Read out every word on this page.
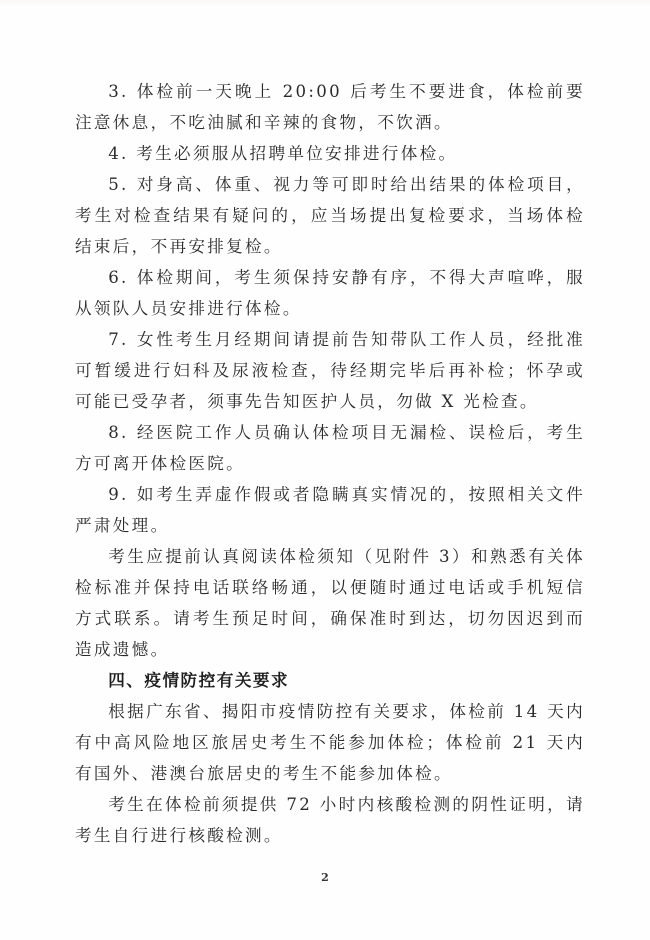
3. 体检前一天晚上 20:00 后考生不要进食，体检前要注意休息，不吃油腻和辛辣的食物，不饮酒。

4. 考生必须服从招聘单位安排进行体检。

5. 对身高、体重、视力等可即时给出结果的体检项目，考生对检查结果有疑问的，应当场提出复检要求，当场体检结束后，不再安排复检。

6. 体检期间，考生须保持安静有序，不得大声喧哗，服从领队人员安排进行体检。

7. 女性考生月经期间请提前告知带队工作人员，经批准可暂缓进行妇科及尿液检查，待经期完毕后再补检；怀孕或可能已受孕者，须事先告知医护人员，勿做 X 光检查。

8. 经医院工作人员确认体检项目无漏检、误检后，考生方可离开体检医院。

9. 如考生弄虚作假或者隐瞒真实情况的，按照相关文件严肃处理。

考生应提前认真阅读体检须知（见附件 3）和熟悉有关体检标准并保持电话联络畅通，以便随时通过电话或手机短信方式联系。请考生预足时间，确保准时到达，切勿因迟到而造成遗憾。

四、疫情防控有关要求

根据广东省、揭阳市疫情防控有关要求，体检前 14 天内有中高风险地区旅居史考生不能参加体检；体检前 21 天内有国外、港澳台旅居史的考生不能参加体检。

考生在体检前须提供 72 小时内核酸检测的阴性证明，请考生自行进行核酸检测。

2
